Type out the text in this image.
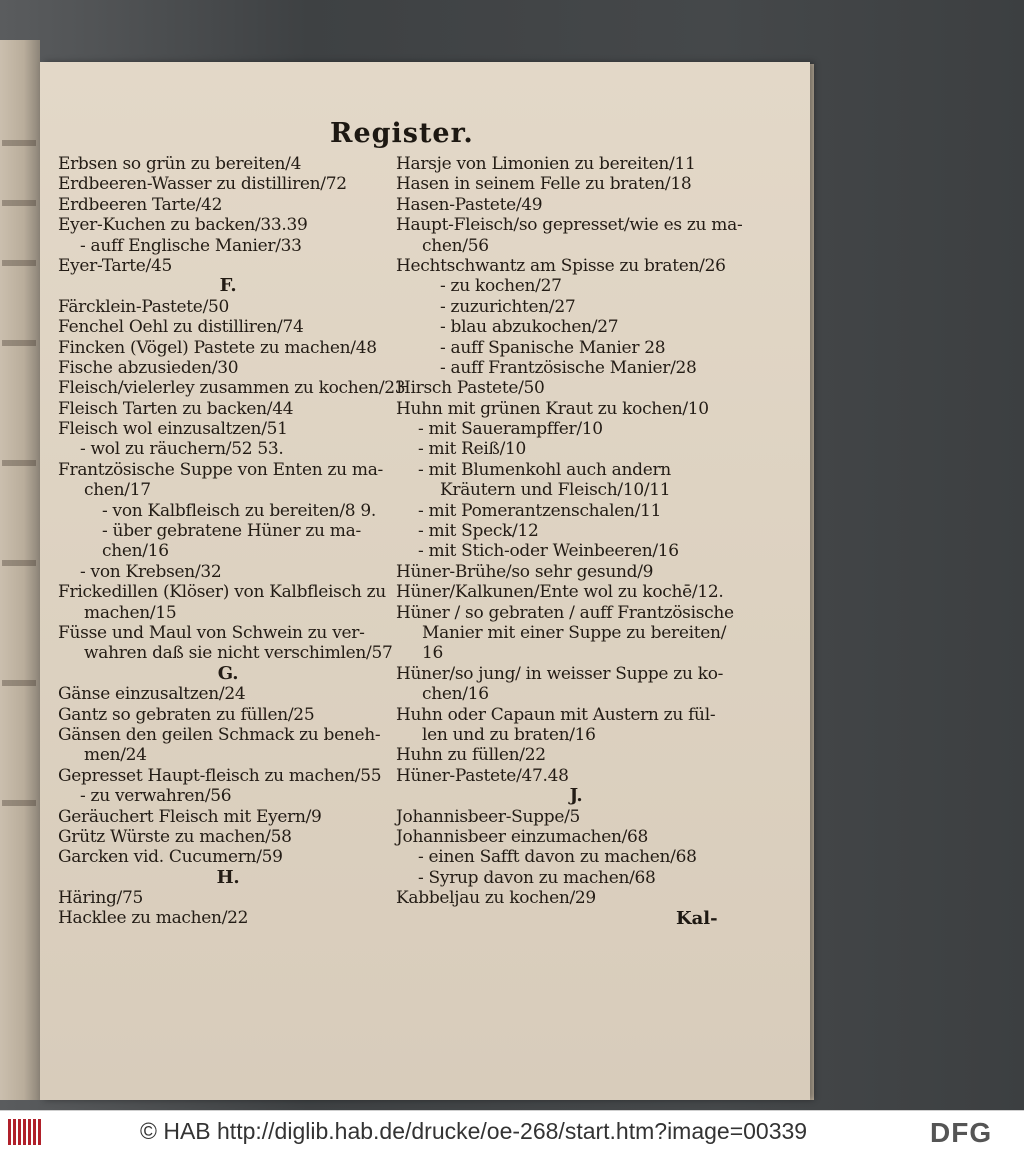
Register.
Erbsen so grün zu bereiten/4
Erdbeeren-Wasser zu distilliren/72
Erdbeeren Tarte/42
Eyer-Kuchen zu backen/33.39
- auff Englische Manier/33
Eyer-Tarte/45
F.
Färcklein-Pastete/50
Fenchel Oehl zu distilliren/74
Fincken (Vögel) Pastete zu machen/48
Fische abzusieden/30
Fleisch/vielerley zusammen zu kochen/23
Fleisch Tarten zu backen/44
Fleisch wol einzusaltzen/51
- wol zu räuchern/52 53.
Frantzösische Suppe von Enten zu ma-
chen/17
- von Kalbfleisch zu bereiten/8 9.
- über gebratene Hüner zu ma-
chen/16
- von Krebsen/32
Frickedillen (Klöser) von Kalbfleisch zu
machen/15
Füsse und Maul von Schwein zu ver-
wahren daß sie nicht verschimlen/57
G.
Gänse einzusaltzen/24
Gantz so gebraten zu füllen/25
Gänsen den geilen Schmack zu beneh-
men/24
Gepresset Haupt-fleisch zu machen/55
- zu verwahren/56
Geräuchert Fleisch mit Eyern/9
Grütz Würste zu machen/58
Garcken vid. Cucumern/59
H.
Häring/75
Hacklee zu machen/22
Harsje von Limonien zu bereiten/11
Hasen in seinem Felle zu braten/18
Hasen-Pastete/49
Haupt-Fleisch/so gepresset/wie es zu ma-
chen/56
Hechtschwantz am Spisse zu braten/26
- zu kochen/27
- zuzurichten/27
- blau abzukochen/27
- auff Spanische Manier 28
- auff Frantzösische Manier/28
Hirsch Pastete/50
Huhn mit grünen Kraut zu kochen/10
- mit Sauerampffer/10
- mit Reiß/10
- mit Blumenkohl auch andern
Kräutern und Fleisch/10/11
- mit Pomerantzenschalen/11
- mit Speck/12
- mit Stich-oder Weinbeeren/16
Hüner-Brühe/so sehr gesund/9
Hüner/Kalkunen/Ente wol zu kochē/12.
Hüner / so gebraten / auff Frantzösische
Manier mit einer Suppe zu bereiten/
16
Hüner/so jung/ in weisser Suppe zu ko-
chen/16
Huhn oder Capaun mit Austern zu fül-
len und zu braten/16
Huhn zu füllen/22
Hüner-Pastete/47.48
J.
Johannisbeer-Suppe/5
Johannisbeer einzumachen/68
- einen Safft davon zu machen/68
- Syrup davon zu machen/68
Kabbeljau zu kochen/29
Kal-
© HAB http://diglib.hab.de/drucke/oe-268/start.htm?image=00339	DFG
